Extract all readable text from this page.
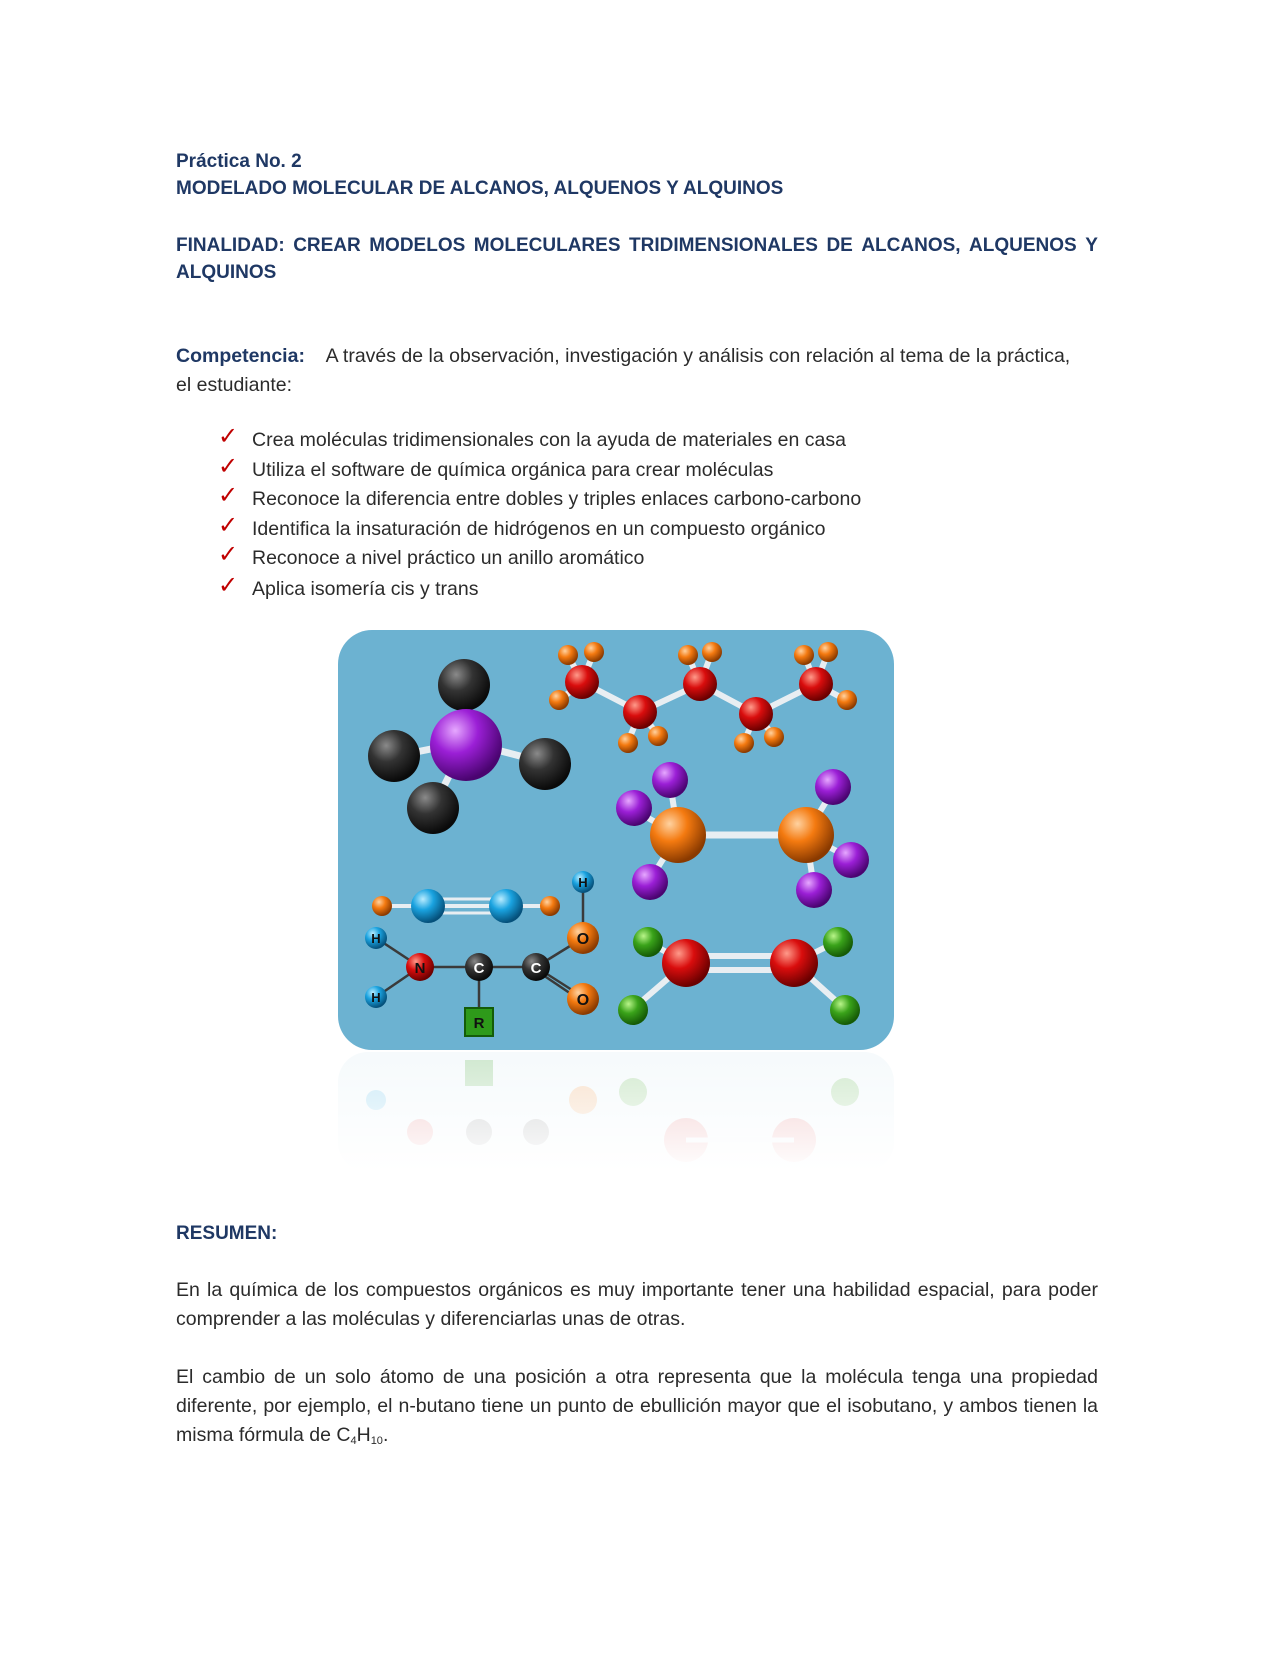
Práctica No. 2
MODELADO MOLECULAR DE ALCANOS, ALQUENOS Y ALQUINOS
FINALIDAD: CREAR MODELOS MOLECULARES TRIDIMENSIONALES DE ALCANOS, ALQUENOS Y
ALQUINOS
Competencia: A través de la observación, investigación y análisis con relación al tema de la práctica, el estudiante:
✓ Crea moléculas tridimensionales con la ayuda de materiales en casa
✓ Utiliza el software de química orgánica para crear moléculas
✓ Reconoce la diferencia entre dobles y triples enlaces carbono-carbono
✓ Identifica la insaturación de hidrógenos en un compuesto orgánico
✓ Reconoce a nivel práctico un anillo aromático
✓ Aplica isomería cis y trans
RESUMEN:
En la química de los compuestos orgánicos es muy importante tener una habilidad espacial, para poder comprender a las moléculas y diferenciarlas unas de otras.
El cambio de un solo átomo de una posición a otra representa que la molécula tenga una propiedad diferente, por ejemplo, el n-butano tiene un punto de ebullición mayor que el isobutano, y ambos tienen la misma fórmula de $C_4H_{10}$.
H
H
H
N	C	C
O
O
R
